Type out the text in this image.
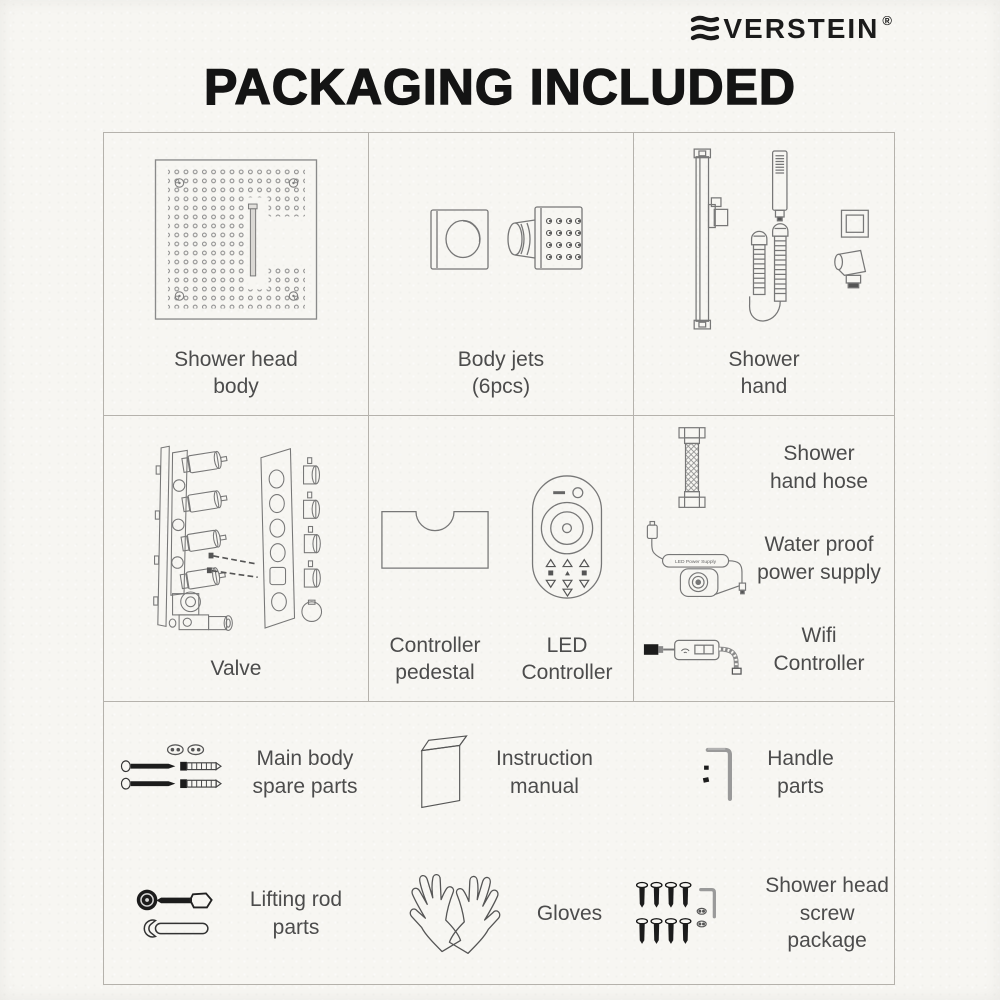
VERSTEIN ®
PACKAGING INCLUDED
Shower head
body
Body jets
(6pcs)
Shower
hand
Valve
Controller
pedestal
LED
Controller
Shower
hand hose
LED Power Supply
Water proof
power supply
Wifi
Controller
Main body
spare parts
Instruction
manual
Handle
parts
Lifting rod
parts
Gloves
Shower head
screw package
